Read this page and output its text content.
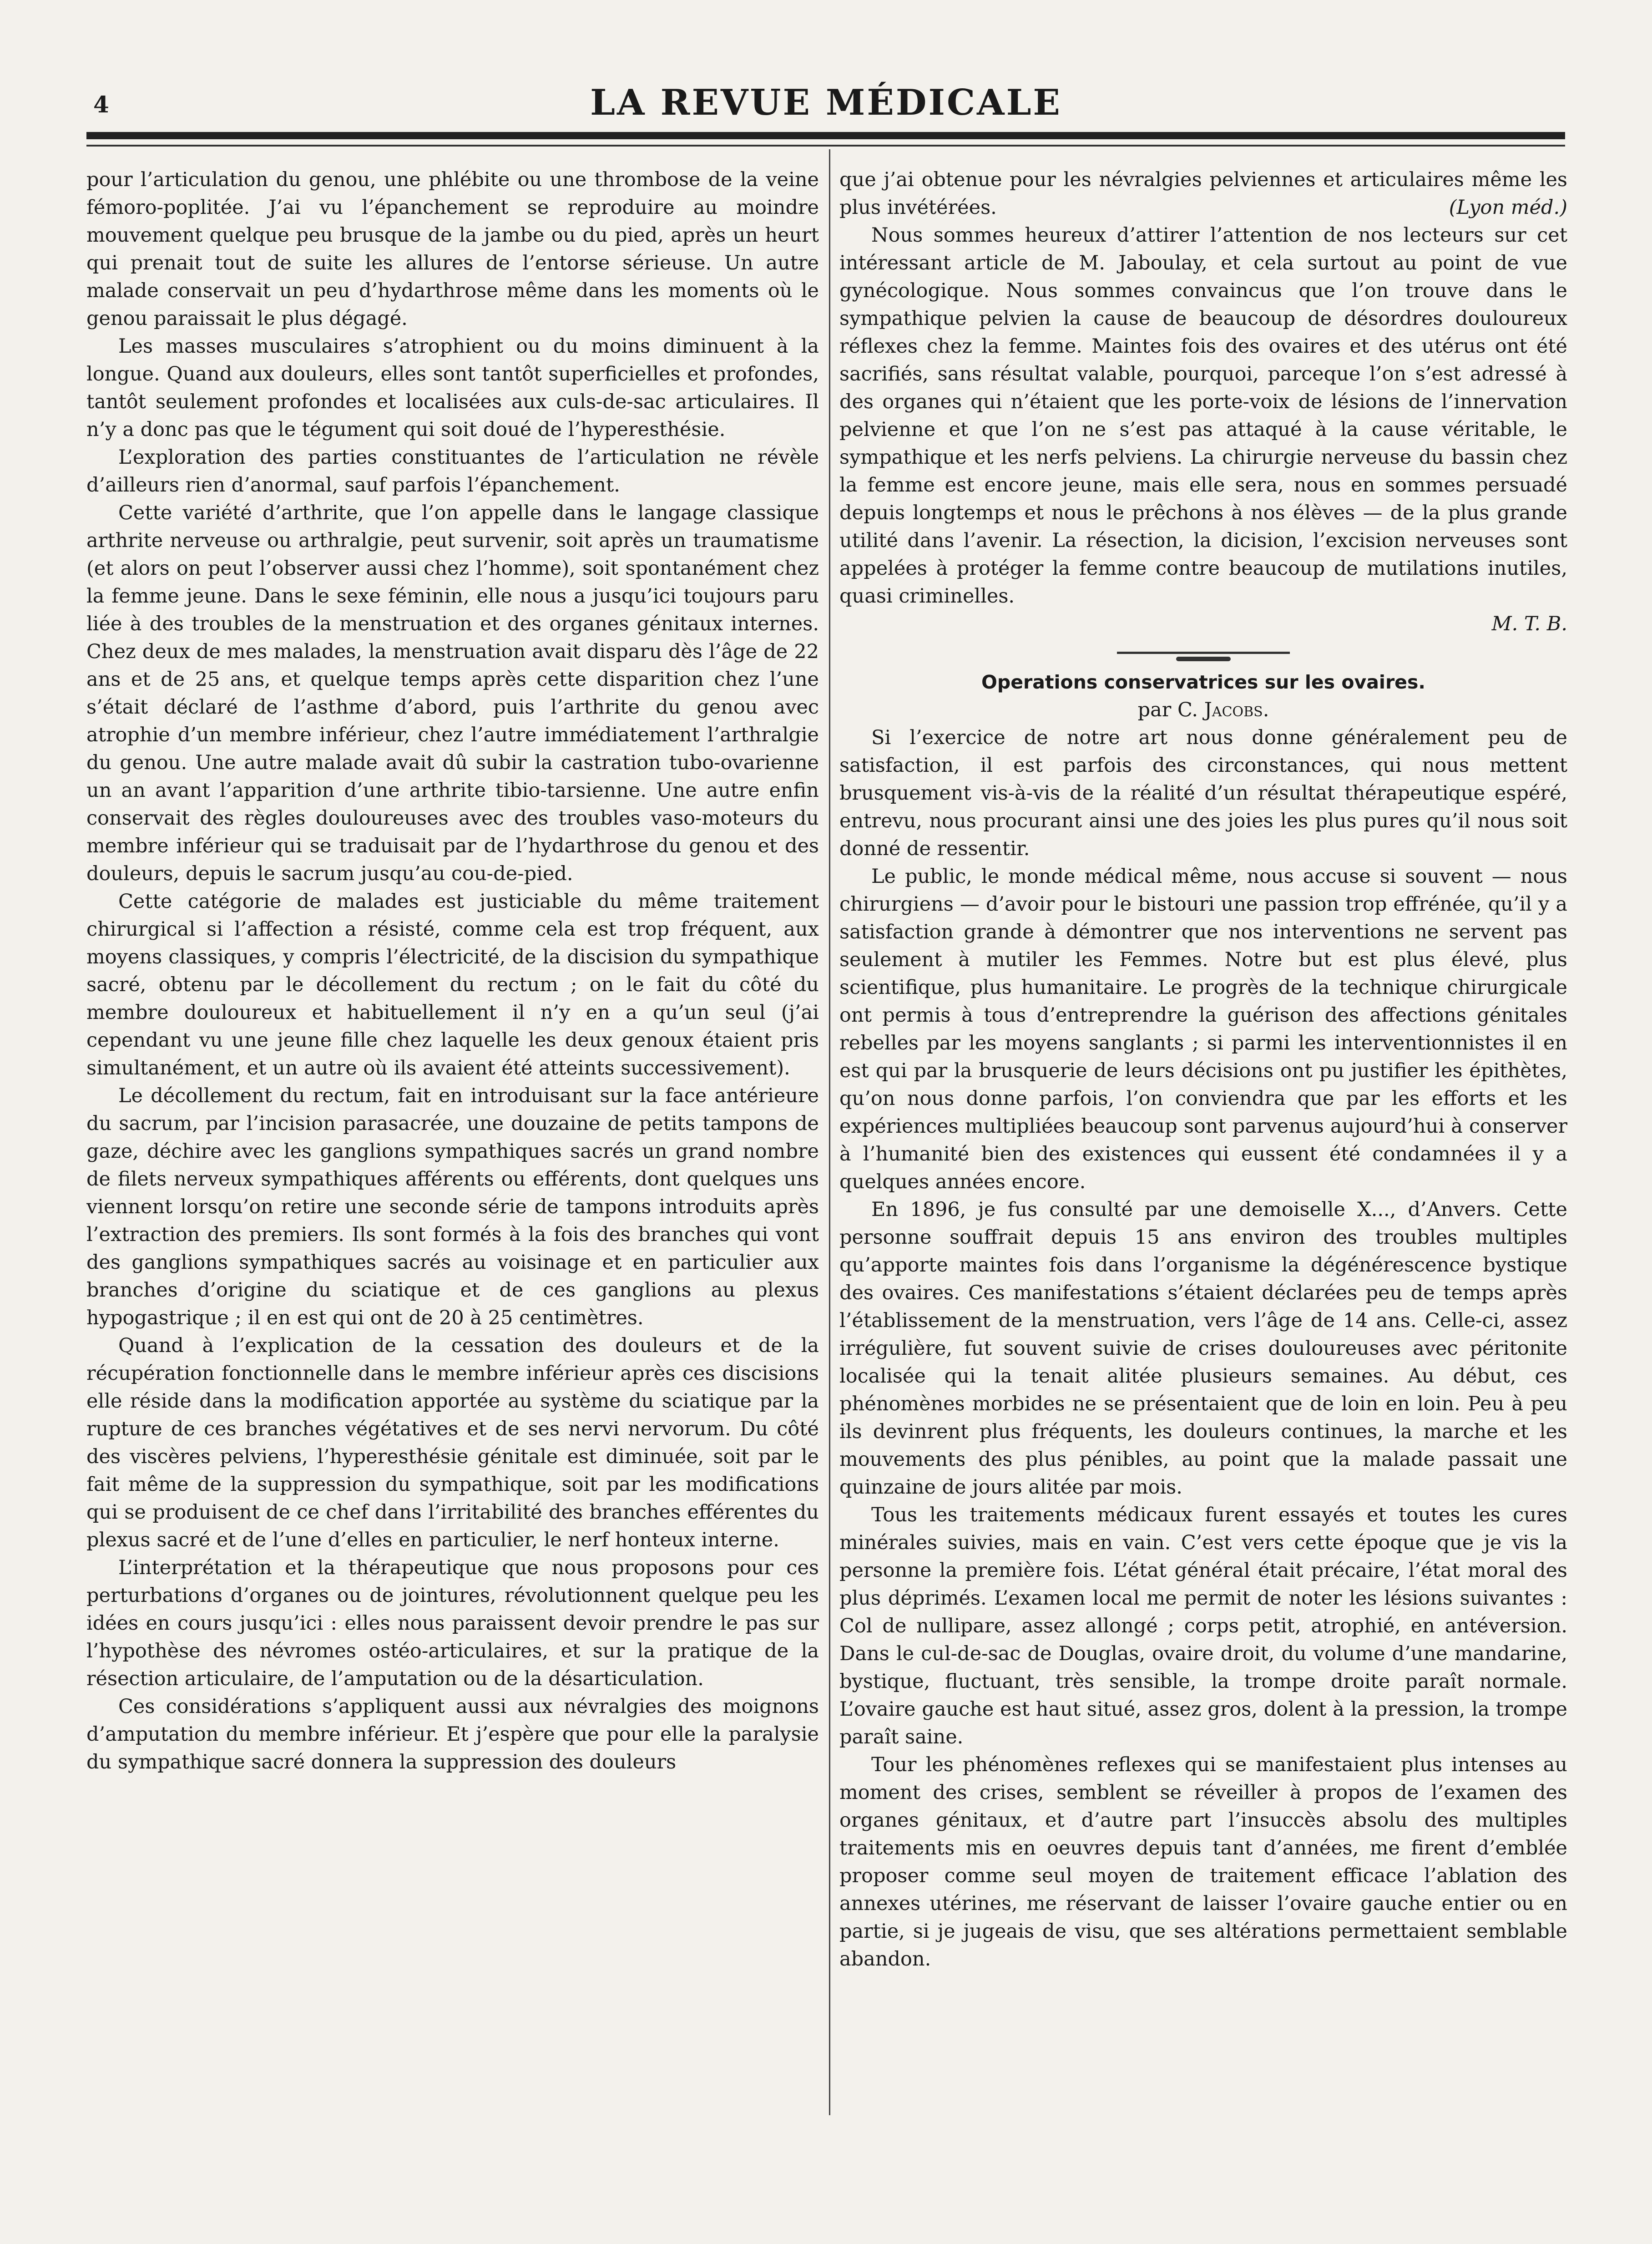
4	LA REVUE MÉDICALE

pour l’articulation du genou, une phlébite ou une thrombose de la veine fémoro-poplitée. J’ai vu l’épanchement se reproduire au moindre mouvement quelque peu brusque de la jambe ou du pied, après un heurt qui prenait tout de suite les allures de l’entorse sérieuse. Un autre malade conservait un peu d’hydarthrose même dans les moments où le genou paraissait le plus dégagé.

Les masses musculaires s’atrophient ou du moins diminuent à la longue. Quand aux douleurs, elles sont tantôt superficielles et profondes, tantôt seulement profondes et localisées aux culs-de-sac articulaires. Il n’y a donc pas que le tégument qui soit doué de l’hyperesthésie.

L’exploration des parties constituantes de l’articulation ne révèle d’ailleurs rien d’anormal, sauf parfois l’épanchement.

Cette variété d’arthrite, que l’on appelle dans le langage classique arthrite nerveuse ou arthralgie, peut survenir, soit après un traumatisme (et alors on peut l’observer aussi chez l’homme), soit spontanément chez la femme jeune. Dans le sexe féminin, elle nous a jusqu’ici toujours paru liée à des troubles de la menstruation et des organes génitaux internes. Chez deux de mes malades, la menstruation avait disparu dès l’âge de 22 ans et de 25 ans, et quelque temps après cette disparition chez l’une s’était déclaré de l’asthme d’abord, puis l’arthrite du genou avec atrophie d’un membre inférieur, chez l’autre immédiatement l’arthralgie du genou. Une autre malade avait dû subir la castration tubo-ovarienne un an avant l’apparition d’une arthrite tibio-tarsienne. Une autre enfin conservait des règles douloureuses avec des troubles vaso-moteurs du membre inférieur qui se traduisait par de l’hydarthrose du genou et des douleurs, depuis le sacrum jusqu’au cou-de-pied.

Cette catégorie de malades est justiciable du même traitement chirurgical si l’affection a résisté, comme cela est trop fréquent, aux moyens classiques, y compris l’électricité, de la discision du sympathique sacré, obtenu par le décollement du rectum ; on le fait du côté du membre douloureux et habituellement il n’y en a qu’un seul (j’ai cependant vu une jeune fille chez laquelle les deux genoux étaient pris simultanément, et un autre où ils avaient été atteints successivement).

Le décollement du rectum, fait en introduisant sur la face antérieure du sacrum, par l’incision parasacrée, une douzaine de petits tampons de gaze, déchire avec les ganglions sympathiques sacrés un grand nombre de filets nerveux sympathiques afférents ou efférents, dont quelques uns viennent lorsqu’on retire une seconde série de tampons introduits après l’extraction des premiers. Ils sont formés à la fois des branches qui vont des ganglions sympathiques sacrés au voisinage et en particulier aux branches d’origine du sciatique et de ces ganglions au plexus hypogastrique ; il en est qui ont de 20 à 25 centimètres.

Quand à l’explication de la cessation des douleurs et de la récupération fonctionnelle dans le membre inférieur après ces discisions elle réside dans la modification apportée au système du sciatique par la rupture de ces branches végétatives et de ses nervi nervorum. Du côté des viscères pelviens, l’hyperesthésie génitale est diminuée, soit par le fait même de la suppression du sympathique, soit par les modifications qui se produisent de ce chef dans l’irritabilité des branches efférentes du plexus sacré et de l’une d’elles en particulier, le nerf honteux interne.

L’interprétation et la thérapeutique que nous proposons pour ces perturbations d’organes ou de jointures, révolutionnent quelque peu les idées en cours jusqu’ici : elles nous paraissent devoir prendre le pas sur l’hypothèse des névromes ostéo-articulaires, et sur la pratique de la résection articulaire, de l’amputation ou de la désarticulation.

Ces considérations s’appliquent aussi aux névralgies des moignons d’amputation du membre inférieur. Et j’espère que pour elle la paralysie du sympathique sacré donnera la suppression des douleurs

que j’ai obtenue pour les névralgies pelviennes et articulaires même les plus invétérées.	(Lyon méd.)

Nous sommes heureux d’attirer l’attention de nos lecteurs sur cet intéressant article de M. Jaboulay, et cela surtout au point de vue gynécologique. Nous sommes convaincus que l’on trouve dans le sympathique pelvien la cause de beaucoup de désordres douloureux réflexes chez la femme. Maintes fois des ovaires et des utérus ont été sacrifiés, sans résultat valable, pourquoi, parceque l’on s’est adressé à des organes qui n’étaient que les porte-voix de lésions de l’innervation pelvienne et que l’on ne s’est pas attaqué à la cause véritable, le sympathique et les nerfs pelviens. La chirurgie nerveuse du bassin chez la femme est encore jeune, mais elle sera, nous en sommes persuadé depuis longtemps et nous le prêchons à nos élèves — de la plus grande utilité dans l’avenir. La résection, la dicision, l’excision nerveuses sont appelées à protéger la femme contre beaucoup de mutilations inutiles, quasi criminelles.

M. T. B.

Operations conservatrices sur les ovaires.

par C. Jacobs.

Si l’exercice de notre art nous donne généralement peu de satisfaction, il est parfois des circonstances, qui nous mettent brusquement vis-à-vis de la réalité d’un résultat thérapeutique espéré, entrevu, nous procurant ainsi une des joies les plus pures qu’il nous soit donné de ressentir.

Le public, le monde médical même, nous accuse si souvent — nous chirurgiens — d’avoir pour le bistouri une passion trop effrénée, qu’il y a satisfaction grande à démontrer que nos interventions ne servent pas seulement à mutiler les Femmes. Notre but est plus élevé, plus scientifique, plus humanitaire. Le progrès de la technique chirurgicale ont permis à tous d’entreprendre la guérison des affections génitales rebelles par les moyens sanglants ; si parmi les interventionnistes il en est qui par la brusquerie de leurs décisions ont pu justifier les épithètes, qu’on nous donne parfois, l’on conviendra que par les efforts et les expériences multipliées beaucoup sont parvenus aujourd’hui à conserver à l’humanité bien des existences qui eussent été condamnées il y a quelques années encore.

En 1896, je fus consulté par une demoiselle X..., d’Anvers. Cette personne souffrait depuis 15 ans environ des troubles multiples qu’apporte maintes fois dans l’organisme la dégénérescence bystique des ovaires. Ces manifestations s’étaient déclarées peu de temps après l’établissement de la menstruation, vers l’âge de 14 ans. Celle-ci, assez irrégulière, fut souvent suivie de crises douloureuses avec péritonite localisée qui la tenait alitée plusieurs semaines. Au début, ces phénomènes morbides ne se présentaient que de loin en loin. Peu à peu ils devinrent plus fréquents, les douleurs continues, la marche et les mouvements des plus pénibles, au point que la malade passait une quinzaine de jours alitée par mois.

Tous les traitements médicaux furent essayés et toutes les cures minérales suivies, mais en vain. C’est vers cette époque que je vis la personne la première fois. L’état général était précaire, l’état moral des plus déprimés. L’examen local me permit de noter les lésions suivantes : Col de nullipare, assez allongé ; corps petit, atrophié, en antéversion. Dans le cul-de-sac de Douglas, ovaire droit, du volume d’une mandarine, bystique, fluctuant, très sensible, la trompe droite paraît normale. L’ovaire gauche est haut situé, assez gros, dolent à la pression, la trompe paraît saine.

Tour les phénomènes reflexes qui se manifestaient plus intenses au moment des crises, semblent se réveiller à propos de l’examen des organes génitaux, et d’autre part l’insuccès absolu des multiples traitements mis en oeuvres depuis tant d’années, me firent d’emblée proposer comme seul moyen de traitement efficace l’ablation des annexes utérines, me réservant de laisser l’ovaire gauche entier ou en partie, si je jugeais de visu, que ses altérations permettaient semblable abandon.
